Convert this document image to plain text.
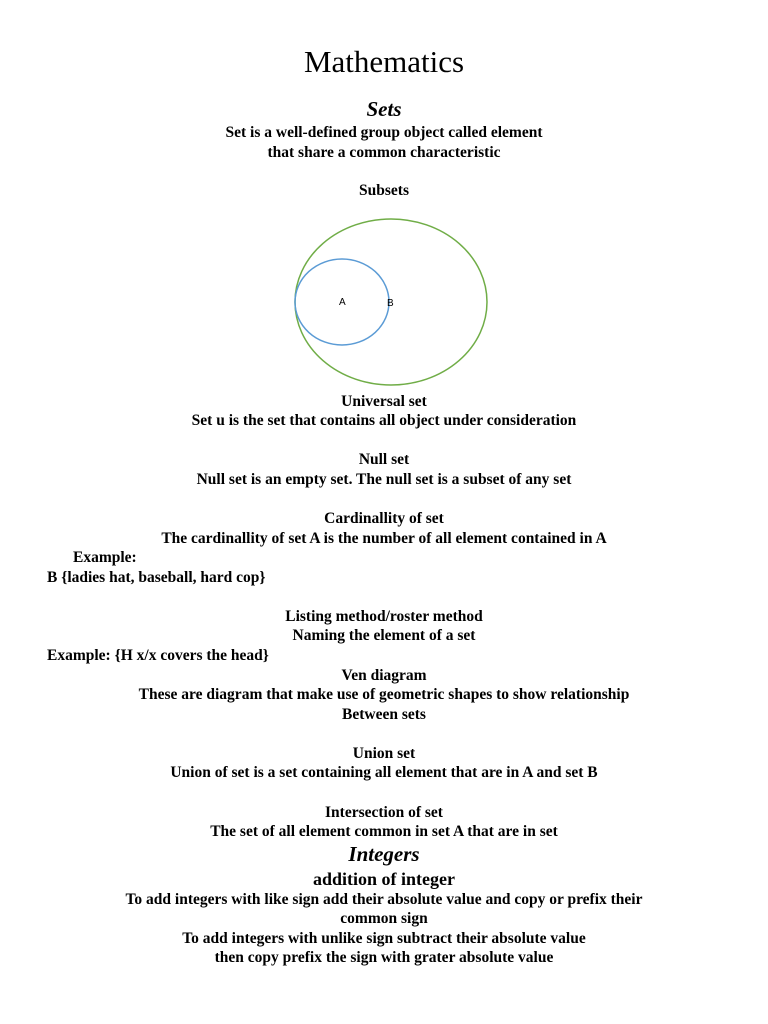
Mathematics
Sets
Set is a well-defined group object called element
that share a common characteristic
Subsets
A	B
Universal set
Set u is the set that contains all object under consideration
Null set
Null set is an empty set. The null set is a subset of any set
Cardinallity of set
The cardinallity of set A is the number of all element contained in A
Example:
B {ladies hat, baseball, hard cop}
Listing method/roster method
Naming the element of a set
Example: {H x/x covers the head}
Ven diagram
These are diagram that make use of geometric shapes to show relationship
Between sets
Union set
Union of set is a set containing all element that are in A and set B
Intersection of set
The set of all element common in set A that are in set
Integers
addition of integer
To add integers with like sign add their absolute value and copy or prefix their
common sign
To add integers with unlike sign subtract their absolute value
then copy prefix the sign with grater absolute value
